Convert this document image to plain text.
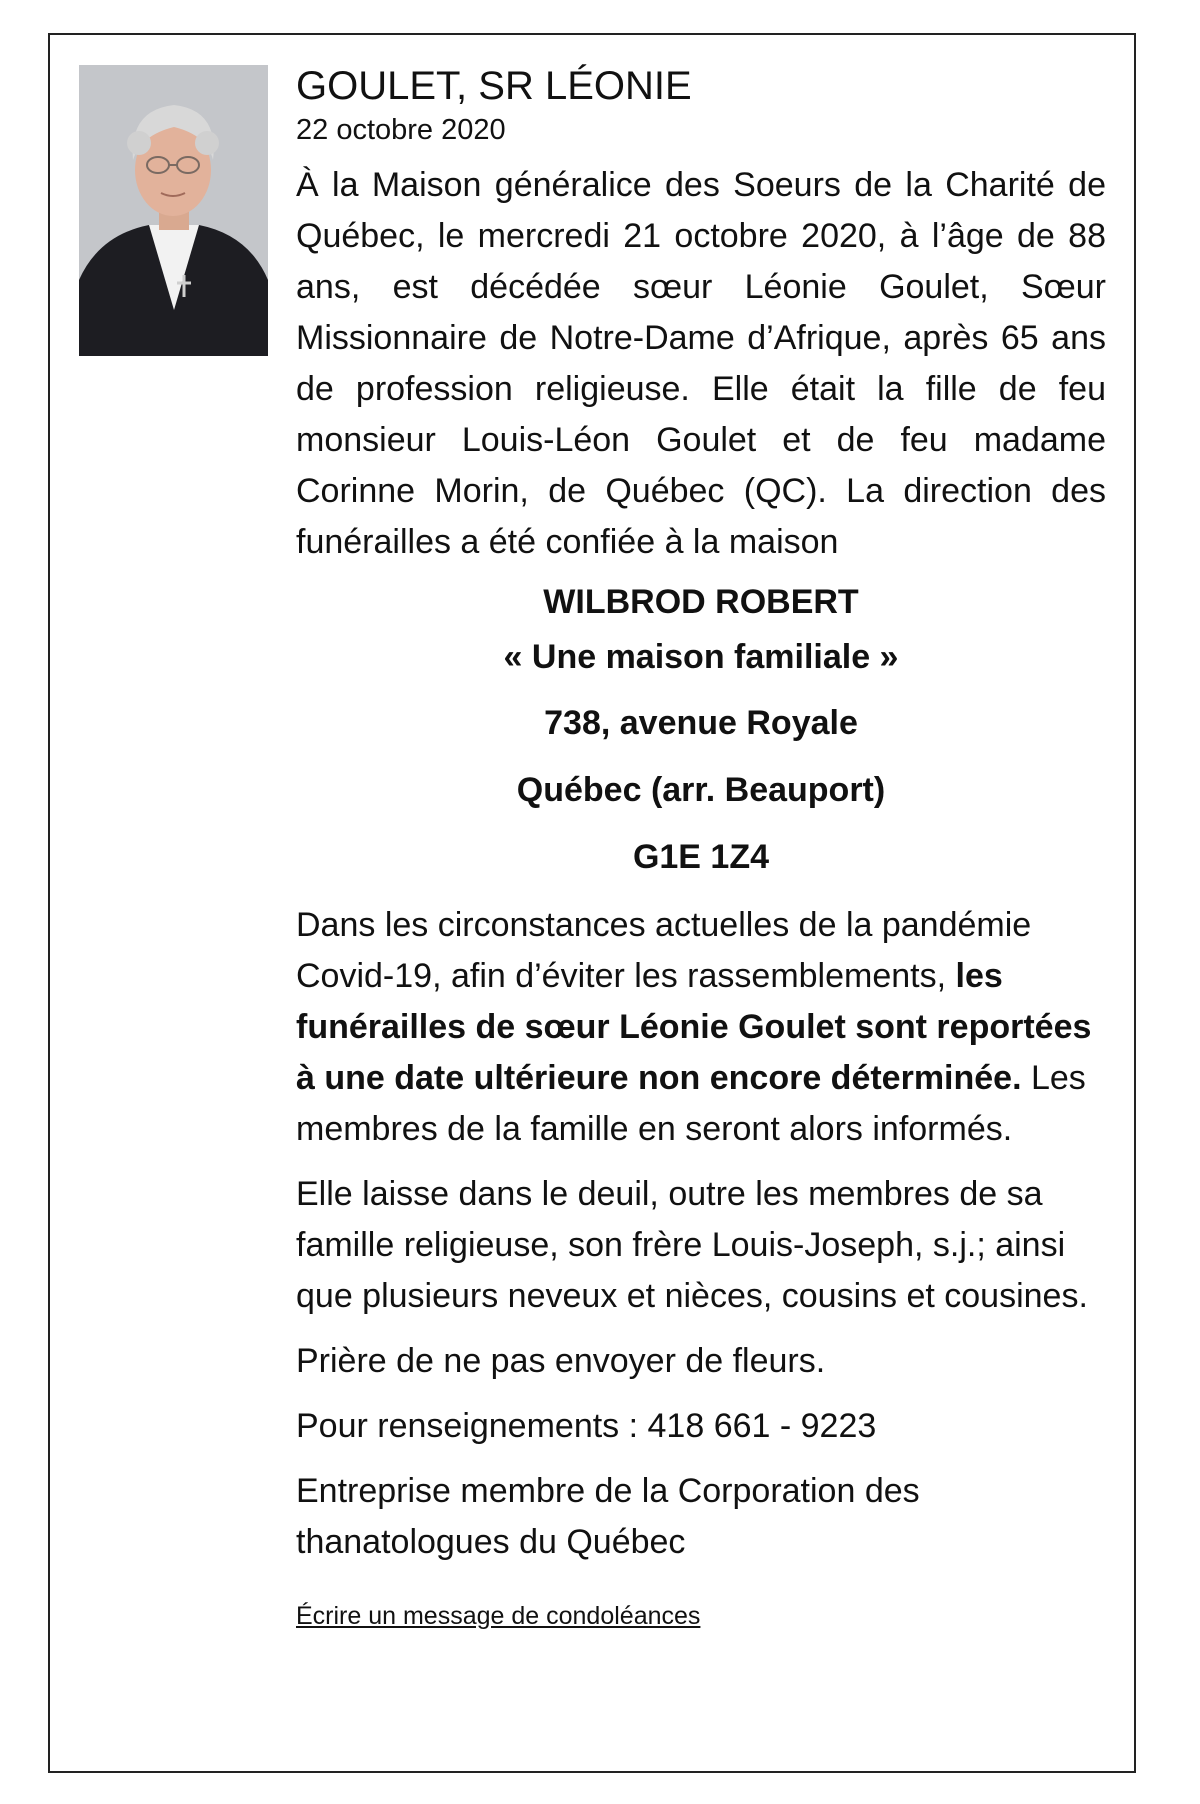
GOULET, SR LÉONIE
22 octobre 2020

À la Maison généralice des Soeurs de la Charité de Québec, le mercredi 21 octobre 2020, à l’âge de 88 ans, est décédée sœur Léonie Goulet, Sœur Missionnaire de Notre-Dame d’Afrique, après 65 ans de profession religieuse. Elle était la fille de feu monsieur Louis-Léon Goulet et de feu madame Corinne Morin, de Québec (QC). La direction des funérailles a été confiée à la maison

WILBROD ROBERT
« Une maison familiale »
738, avenue Royale
Québec (arr. Beauport)
G1E 1Z4

Dans les circonstances actuelles de la pandémie Covid-19, afin d’éviter les rassemblements, les funérailles de sœur Léonie Goulet sont reportées à une date ultérieure non encore déterminée. Les membres de la famille en seront alors informés.

Elle laisse dans le deuil, outre les membres de sa famille religieuse, son frère Louis-Joseph, s.j.; ainsi que plusieurs neveux et nièces, cousins et cousines.

Prière de ne pas envoyer de fleurs.

Pour renseignements : 418 661 - 9223

Entreprise membre de la Corporation des thanatologues du Québec

Écrire un message de condoléances
